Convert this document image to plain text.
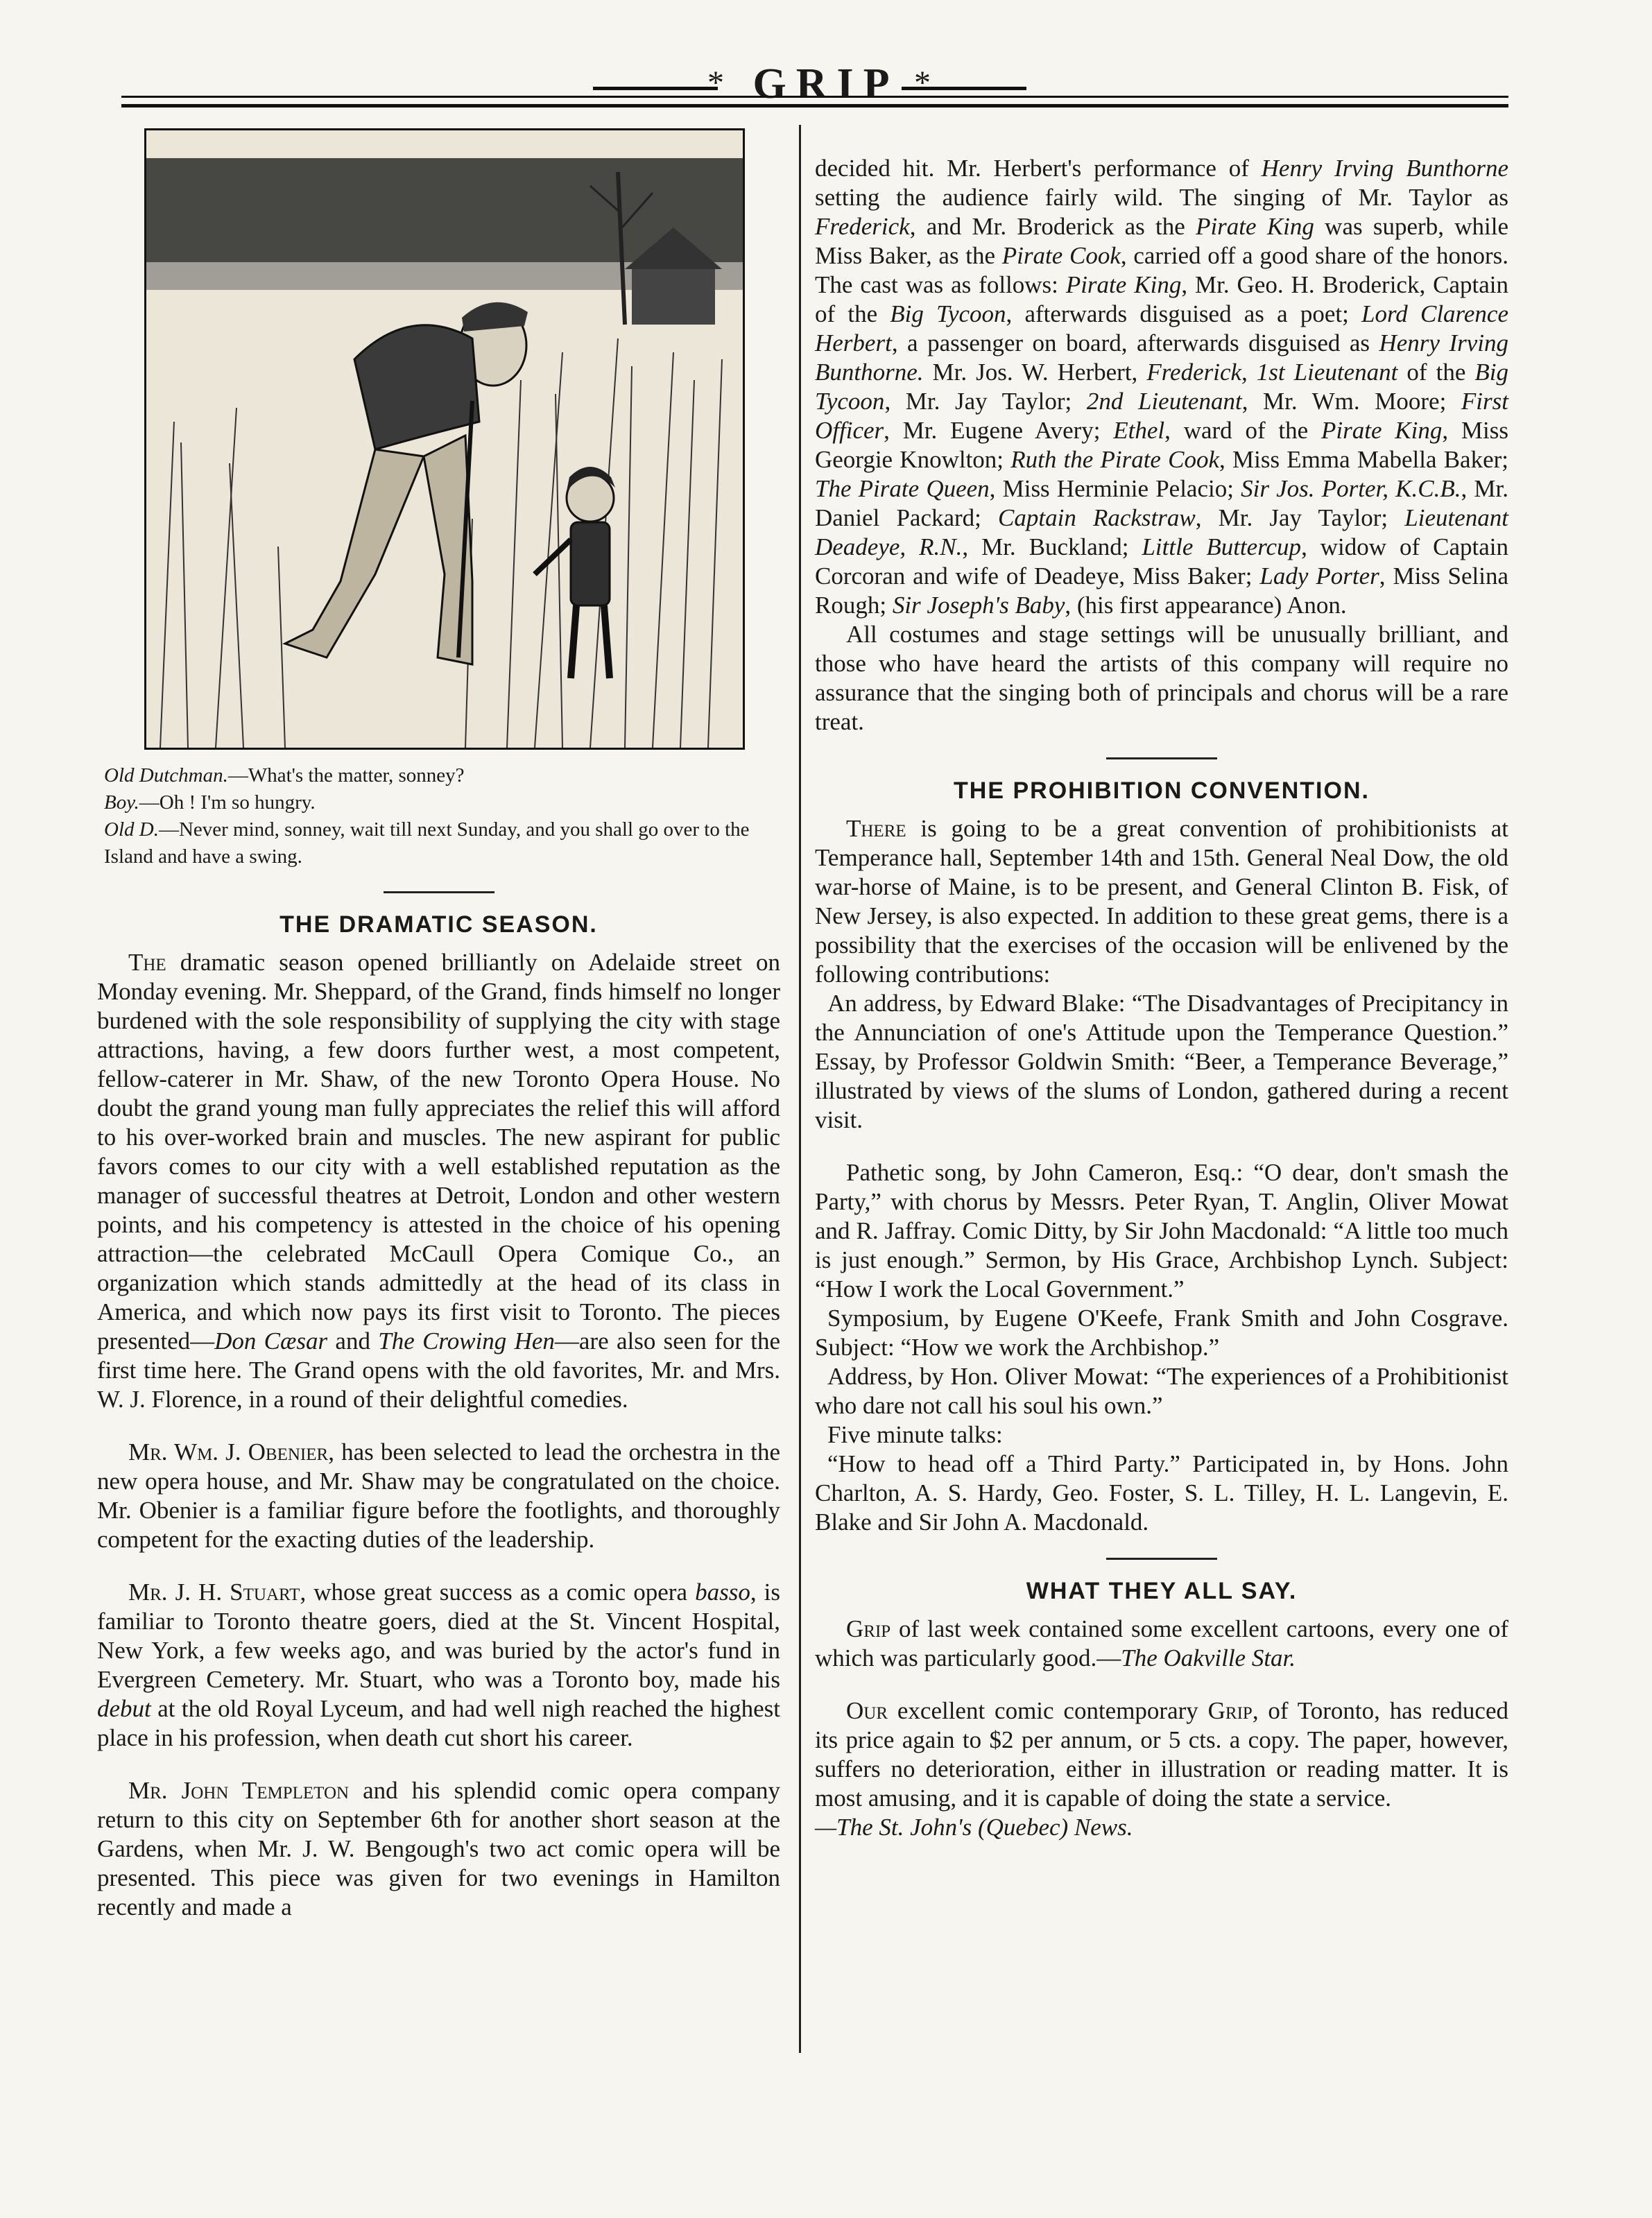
* GRIP *

Old Dutchman.—What's the matter, sonney?

Boy.—Oh ! I'm so hungry.

Old D.—Never mind, sonney, wait till next Sunday, and you shall go over to the Island and have a swing.

THE DRAMATIC SEASON.

The dramatic season opened brilliantly on Adelaide street on Monday evening. Mr. Sheppard, of the Grand, finds himself no longer burdened with the sole responsibility of supplying the city with stage attractions, having, a few doors further west, a most competent, fellow-caterer in Mr. Shaw, of the new Toronto Opera House. No doubt the grand young man fully appreciates the relief this will afford to his over-worked brain and muscles. The new aspirant for public favors comes to our city with a well established reputation as the manager of successful theatres at Detroit, London and other western points, and his competency is attested in the choice of his opening attraction—the celebrated McCaull Opera Comique Co., an organization which stands admittedly at the head of its class in America, and which now pays its first visit to Toronto. The pieces presented—Don Cæsar and The Crowing Hen—are also seen for the first time here. The Grand opens with the old favorites, Mr. and Mrs. W. J. Florence, in a round of their delightful comedies.

Mr. Wm. J. Obenier, has been selected to lead the orchestra in the new opera house, and Mr. Shaw may be congratulated on the choice. Mr. Obenier is a familiar figure before the footlights, and thoroughly competent for the exacting duties of the leadership.

Mr. J. H. Stuart, whose great success as a comic opera basso, is familiar to Toronto theatre goers, died at the St. Vincent Hospital, New York, a few weeks ago, and was buried by the actor's fund in Evergreen Cemetery. Mr. Stuart, who was a Toronto boy, made his debut at the old Royal Lyceum, and had well nigh reached the highest place in his profession, when death cut short his career.

Mr. John Templeton and his splendid comic opera company return to this city on September 6th for another short season at the Gardens, when Mr. J. W. Bengough's two act comic opera will be presented. This piece was given for two evenings in Hamilton recently and made a

decided hit. Mr. Herbert's performance of Henry Irving Bunthorne setting the audience fairly wild. The singing of Mr. Taylor as Frederick, and Mr. Broderick as the Pirate King was superb, while Miss Baker, as the Pirate Cook, carried off a good share of the honors. The cast was as follows: Pirate King, Mr. Geo. H. Broderick, Captain of the Big Tycoon, afterwards disguised as a poet; Lord Clarence Herbert, a passenger on board, afterwards disguised as Henry Irving Bunthorne. Mr. Jos. W. Herbert, Frederick, 1st Lieutenant of the Big Tycoon, Mr. Jay Taylor; 2nd Lieutenant, Mr. Wm. Moore; First Officer, Mr. Eugene Avery; Ethel, ward of the Pirate King, Miss Georgie Knowlton; Ruth the Pirate Cook, Miss Emma Mabella Baker; The Pirate Queen, Miss Herminie Pelacio; Sir Jos. Porter, K.C.B., Mr. Daniel Packard; Captain Rackstraw, Mr. Jay Taylor; Lieutenant Deadeye, R.N., Mr. Buckland; Little Buttercup, widow of Captain Corcoran and wife of Deadeye, Miss Baker; Lady Porter, Miss Selina Rough; Sir Joseph's Baby, (his first appearance) Anon.

All costumes and stage settings will be unusually brilliant, and those who have heard the artists of this company will require no assurance that the singing both of principals and chorus will be a rare treat.

THE PROHIBITION CONVENTION.

There is going to be a great convention of prohibitionists at Temperance hall, September 14th and 15th. General Neal Dow, the old war-horse of Maine, is to be present, and General Clinton B. Fisk, of New Jersey, is also expected. In addition to these great gems, there is a possibility that the exercises of the occasion will be enlivened by the following contributions:

An address, by Edward Blake: “The Disadvantages of Precipitancy in the Annunciation of one's Attitude upon the Temperance Question.” Essay, by Professor Goldwin Smith: “Beer, a Temperance Beverage,” illustrated by views of the slums of London, gathered during a recent visit.

Pathetic song, by John Cameron, Esq.: “O dear, don't smash the Party,” with chorus by Messrs. Peter Ryan, T. Anglin, Oliver Mowat and R. Jaffray. Comic Ditty, by Sir John Macdonald: “A little too much is just enough.” Sermon, by His Grace, Archbishop Lynch. Subject: “How I work the Local Government.”

Symposium, by Eugene O'Keefe, Frank Smith and John Cosgrave. Subject: “How we work the Archbishop.”

Address, by Hon. Oliver Mowat: “The experiences of a Prohibitionist who dare not call his soul his own.”

Five minute talks:

“How to head off a Third Party.” Participated in, by Hons. John Charlton, A. S. Hardy, Geo. Foster, S. L. Tilley, H. L. Langevin, E. Blake and Sir John A. Macdonald.

WHAT THEY ALL SAY.

Grip of last week contained some excellent cartoons, every one of which was particularly good.—The Oakville Star.

Our excellent comic contemporary Grip, of Toronto, has reduced its price again to $2 per annum, or 5 cts. a copy. The paper, however, suffers no deterioration, either in illustration or reading matter. It is most amusing, and it is capable of doing the state a service.
—The St. John's (Quebec) News.
